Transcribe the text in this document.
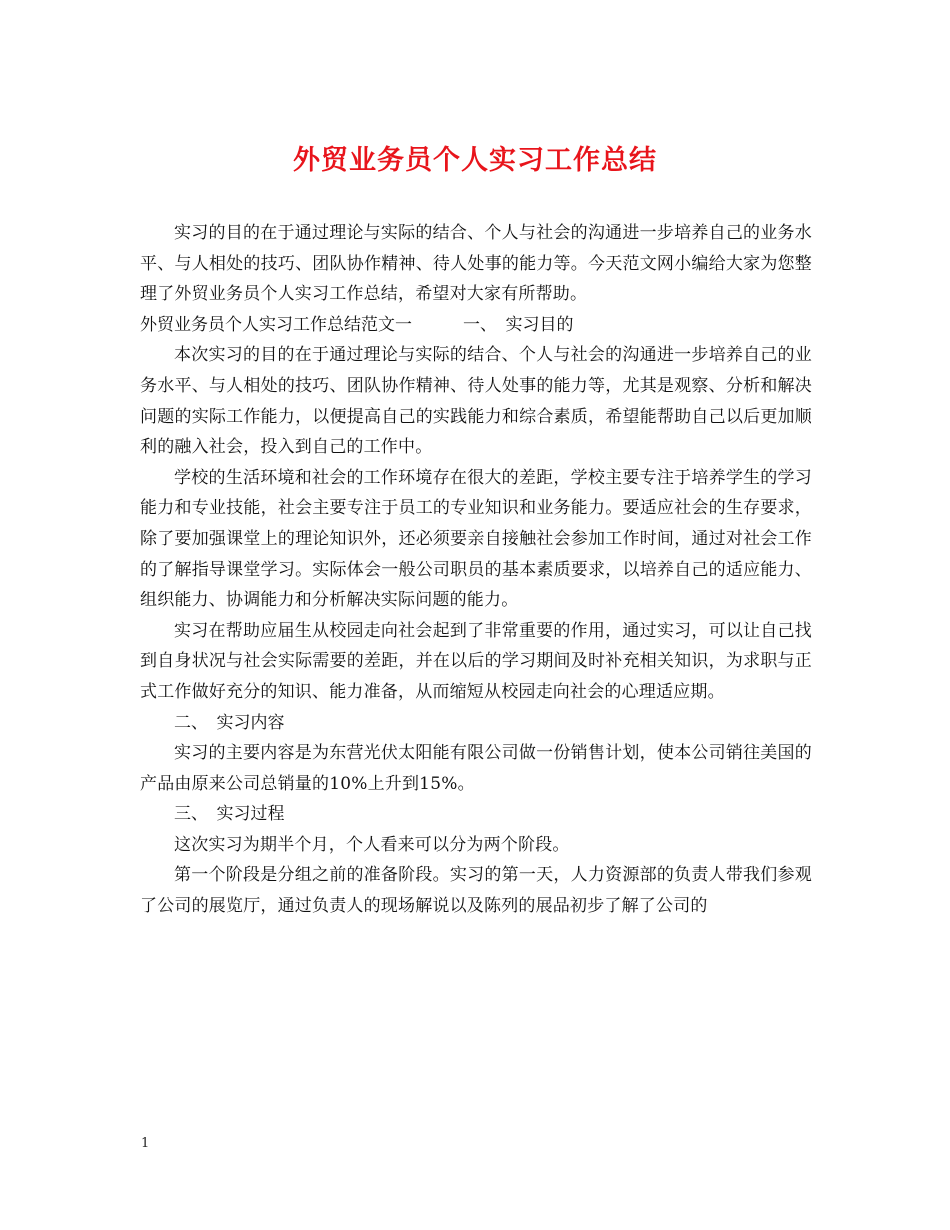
外贸业务员个人实习工作总结

实习的目的在于通过理论与实际的结合、个人与社会的沟通进一步培养自己的业务水平、与人相处的技巧、团队协作精神、待人处事的能力等。今天范文网小编给大家为您整理了外贸业务员个人实习工作总结，希望对大家有所帮助。

外贸业务员个人实习工作总结范文一　　　	一、　实习目的

本次实习的目的在于通过理论与实际的结合、个人与社会的沟通进一步培养自己的业务水平、与人相处的技巧、团队协作精神、待人处事的能力等，尤其是观察、分析和解决问题的实际工作能力，以便提高自己的实践能力和综合素质，希望能帮助自己以后更加顺利的融入社会，投入到自己的工作中。

学校的生活环境和社会的工作环境存在很大的差距，学校主要专注于培养学生的学习能力和专业技能，社会主要专注于员工的专业知识和业务能力。要适应社会的生存要求，除了要加强课堂上的理论知识外，还必须要亲自接触社会参加工作时间，通过对社会工作的了解指导课堂学习。实际体会一般公司职员的基本素质要求，以培养自己的适应能力、组织能力、协调能力和分析解决实际问题的能力。

实习在帮助应届生从校园走向社会起到了非常重要的作用，通过实习，可以让自己找到自身状况与社会实际需要的差距，并在以后的学习期间及时补充相关知识，为求职与正式工作做好充分的知识、能力准备，从而缩短从校园走向社会的心理适应期。

二、　实习内容

实习的主要内容是为东营光伏太阳能有限公司做一份销售计划，使本公司销往美国的产品由原来公司总销量的10%上升到15%。

三、　实习过程

这次实习为期半个月，个人看来可以分为两个阶段。

第一个阶段是分组之前的准备阶段。实习的第一天，人力资源部的负责人带我们参观了公司的展览厅，通过负责人的现场解说以及陈列的展品初步了解了公司的

1
